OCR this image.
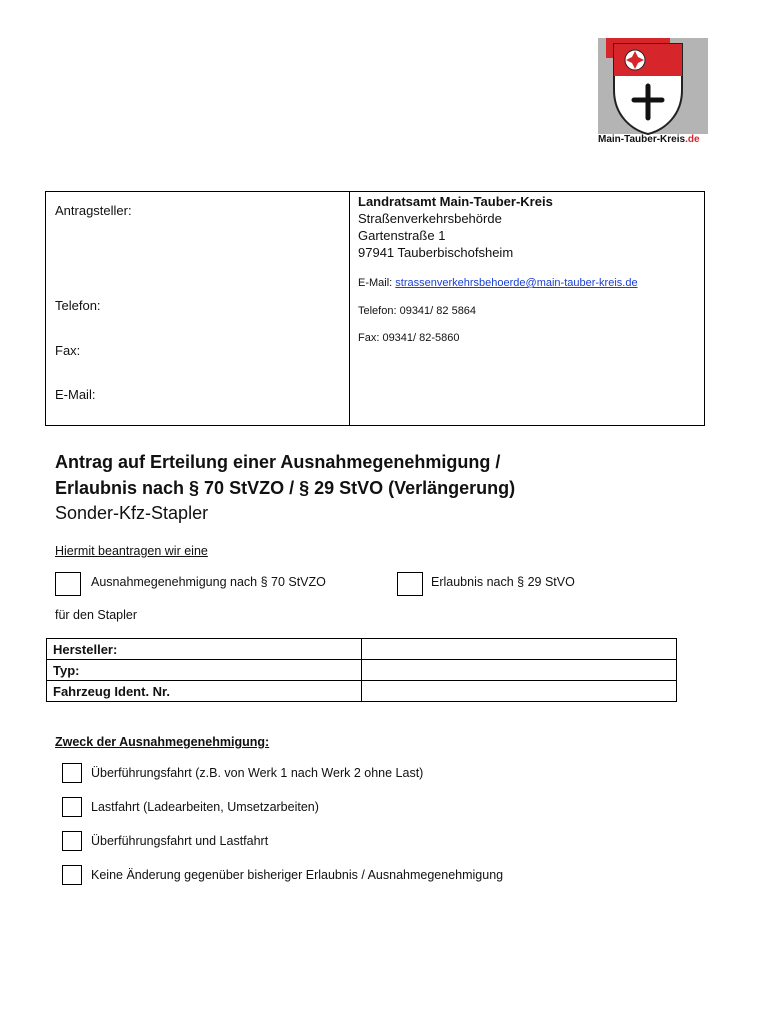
Main-Tauber-Kreis.de
Antragsteller:
Telefon:
Fax:
E-Mail:
Landratsamt Main-Tauber-Kreis
Straßenverkehrsbehörde
Gartenstraße 1
97941 Tauberbischofsheim
E-Mail: strassenverkehrsbehoerde@main-tauber-kreis.de
Telefon: 09341/ 82 5864
Fax: 09341/ 82-5860
Antrag auf Erteilung einer Ausnahmegenehmigung /
Erlaubnis nach § 70 StVZO / § 29 StVO (Verlängerung)
Sonder-Kfz-Stapler
Hiermit beantragen wir eine
Ausnahmegenehmigung nach § 70 StVZO	Erlaubnis nach § 29 StVO
für den Stapler
Hersteller:	
Typ:	
Fahrzeug Ident. Nr.	
Zweck der Ausnahmegenehmigung:
Überführungsfahrt (z.B. von Werk 1 nach Werk 2 ohne Last)
Lastfahrt (Ladearbeiten, Umsetzarbeiten)
Überführungsfahrt und Lastfahrt
Keine Änderung gegenüber bisheriger Erlaubnis / Ausnahmegenehmigung
